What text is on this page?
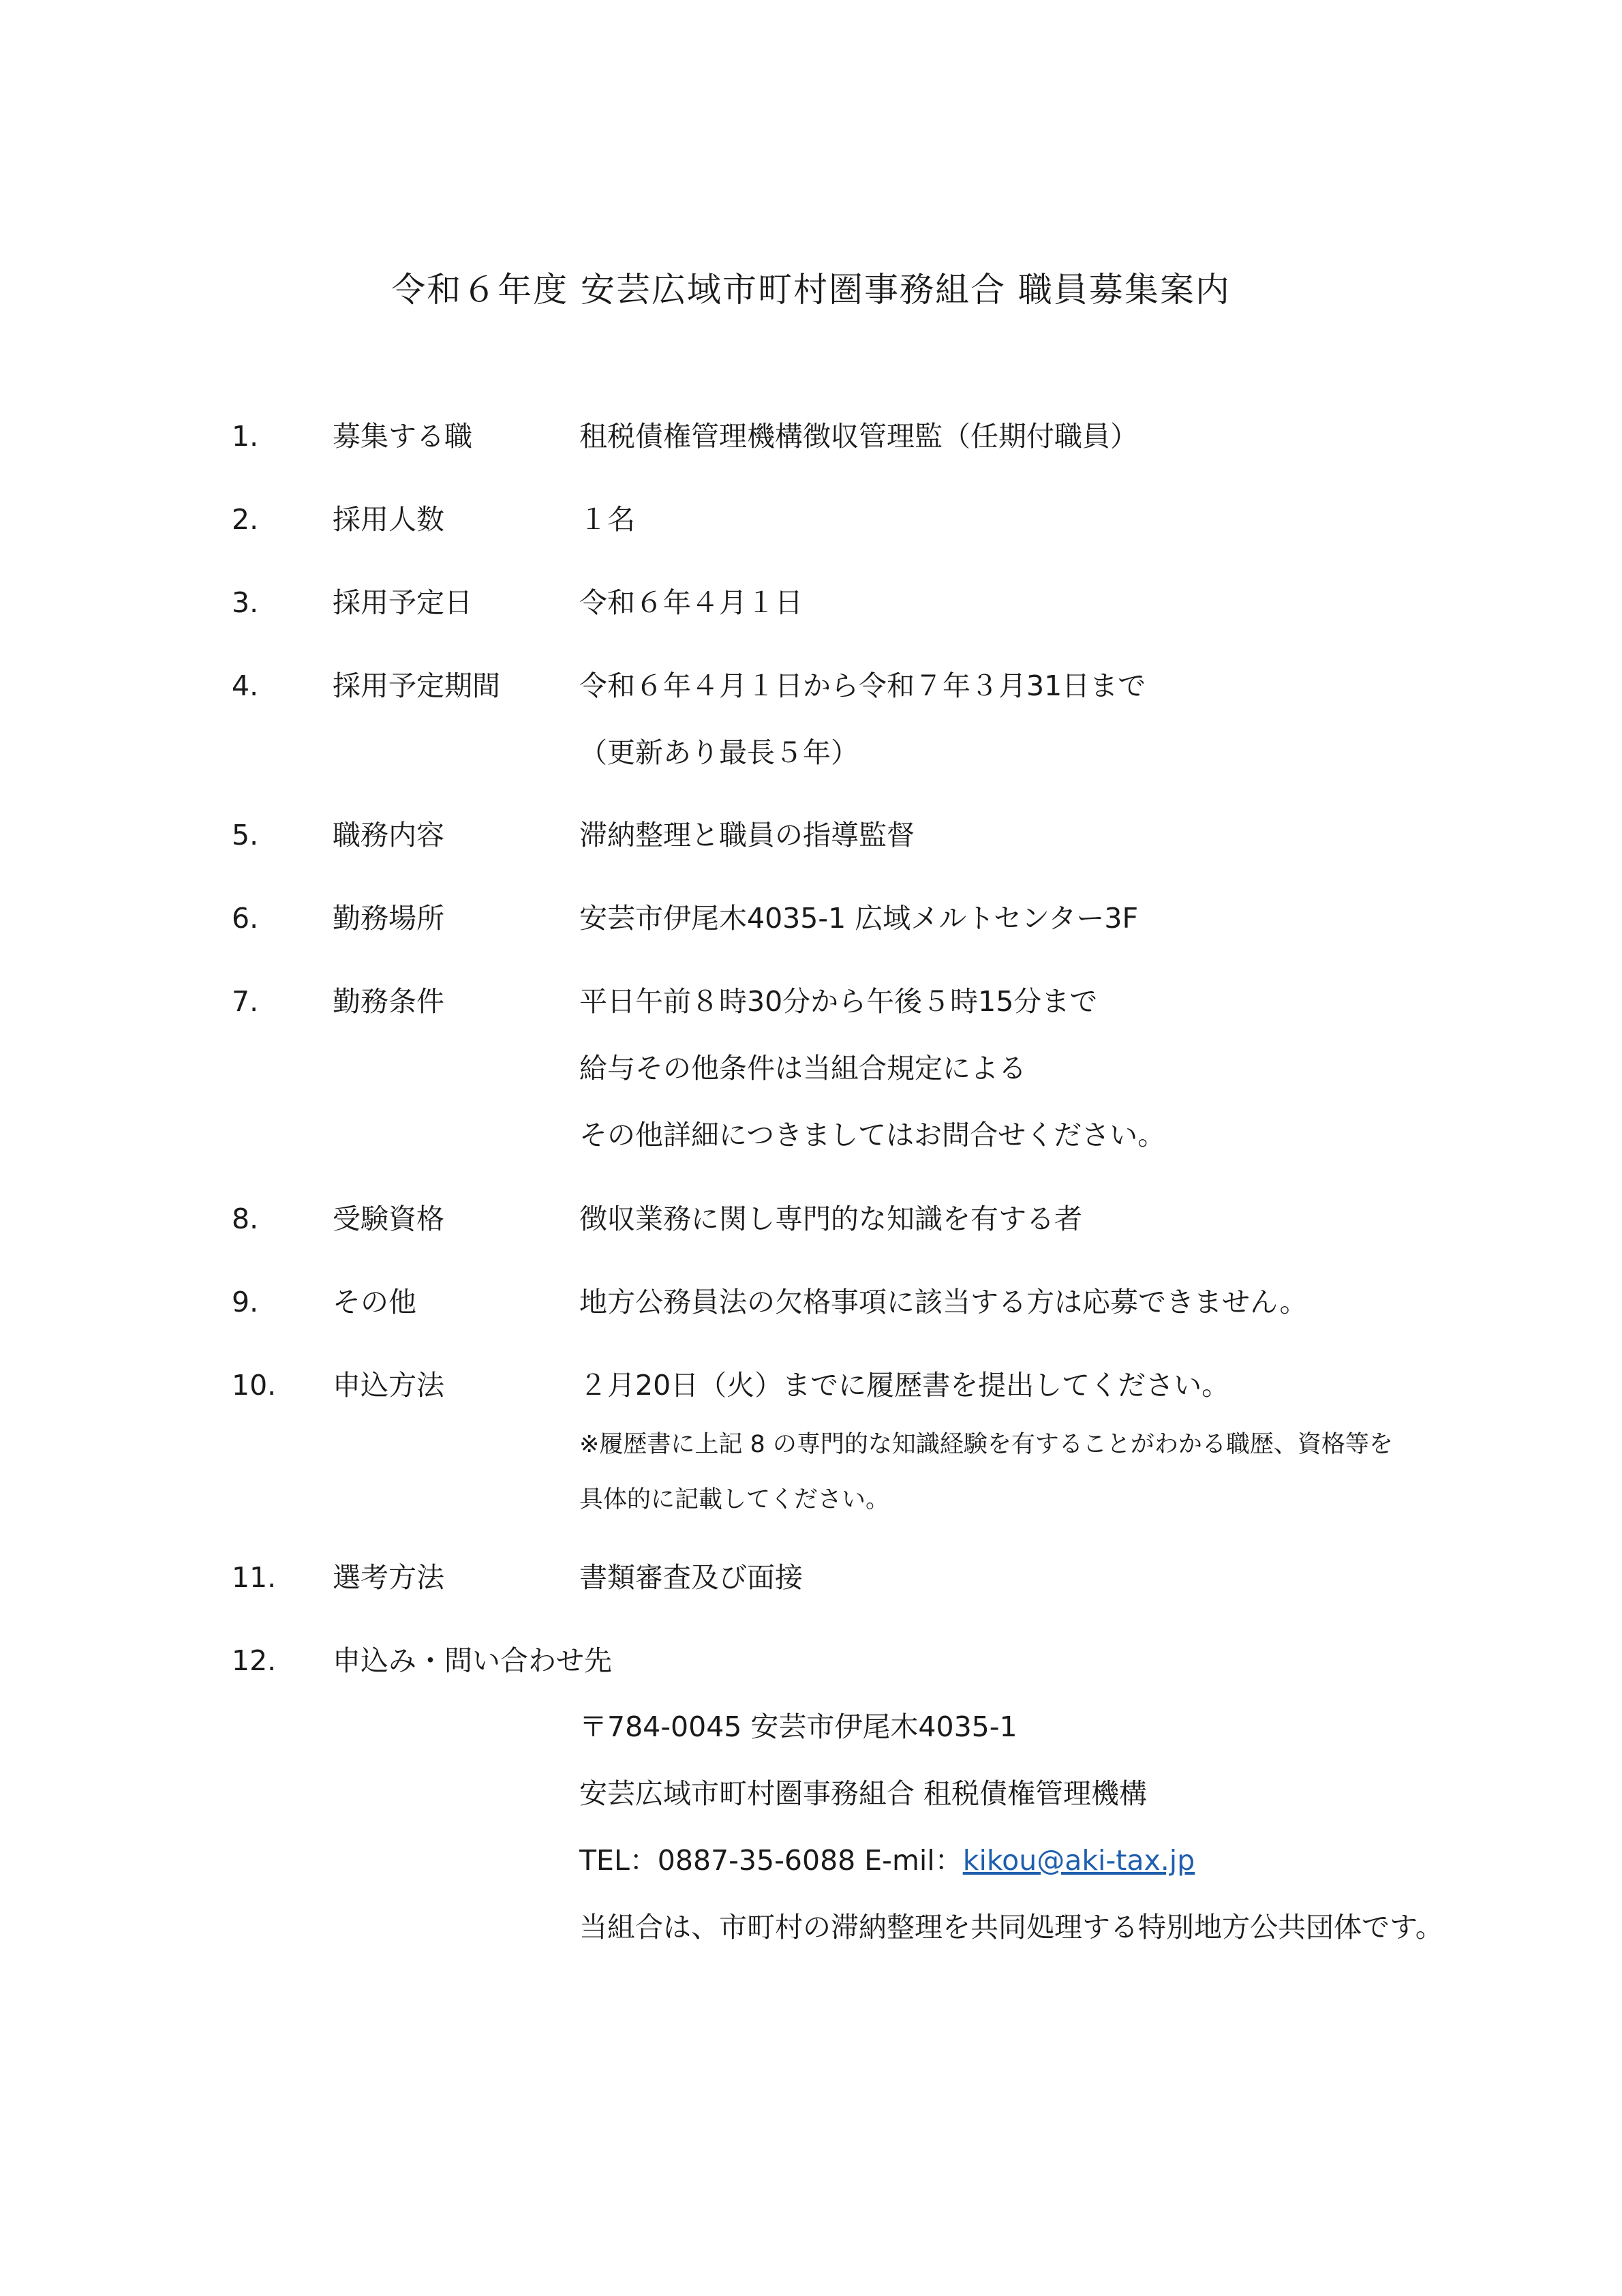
令和６年度 安芸広域市町村圏事務組合 職員募集案内
1.	募集する職	租税債権管理機構徴収管理監（任期付職員）
2.	採用人数	１名
3.	採用予定日	令和６年４月１日
4.	採用予定期間	令和６年４月１日から令和７年３月31日まで
（更新あり最長５年）
5.	職務内容	滞納整理と職員の指導監督
6.	勤務場所	安芸市伊尾木4035-1 広域メルトセンター3F
7.	勤務条件	平日午前８時30分から午後５時15分まで
給与その他条件は当組合規定による
その他詳細につきましてはお問合せください。
8.	受験資格	徴収業務に関し専門的な知識を有する者
9.	その他	地方公務員法の欠格事項に該当する方は応募できません。
10. 申込方法	２月20日（火）までに履歴書を提出してください。
※履歴書に上記 8 の専門的な知識経験を有することがわかる職歴、資格等を
具体的に記載してください。
11. 選考方法	書類審査及び面接
12. 申込み・問い合わせ先
〒784-0045 安芸市伊尾木4035-1
安芸広域市町村圏事務組合 租税債権管理機構
TEL：0887-35-6088 E-mil：kikou@aki-tax.jp
当組合は、市町村の滞納整理を共同処理する特別地方公共団体です。
